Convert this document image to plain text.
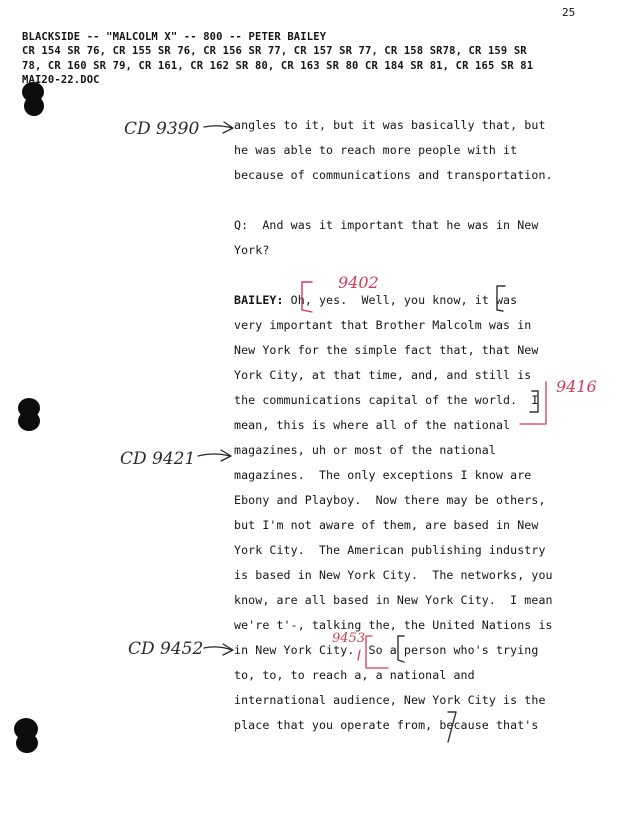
BLACKSIDE -- "MALCOLM X" -- 800 -- PETER BAILEY
25
CR 154 SR 76, CR 155 SR 76, CR 156 SR 77, CR 157 SR 77, CR 158 SR78, CR 159 SR
78, CR 160 SR 79, CR 161, CR 162 SR 80, CR 163 SR 80 CR 184 SR 81, CR 165 SR 81
MAI20-22.DOC
angles to it, but it was basically that, but
he was able to reach more people with it
because of communications and transportation.
Q:  And was it important that he was in New
York?
BAILEY: Oh, yes.  Well, you know, it was
very important that Brother Malcolm was in
New York for the simple fact that, that New
York City, at that time, and, and still is
the communications capital of the world.  I
mean, this is where all of the national
magazines, uh or most of the national
magazines.  The only exceptions I know are
Ebony and Playboy.  Now there may be others,
but I'm not aware of them, are based in New
York City.  The American publishing industry
is based in New York City.  The networks, you
know, are all based in New York City.  I mean
we're t'-, talking the, the United Nations is
in New York City.  So a person who's trying
to, to, to reach a, a national and
international audience, New York City is the
place that you operate from, because that's
CD 9390
9402
9416
CD 9421
CD 9452
9453
